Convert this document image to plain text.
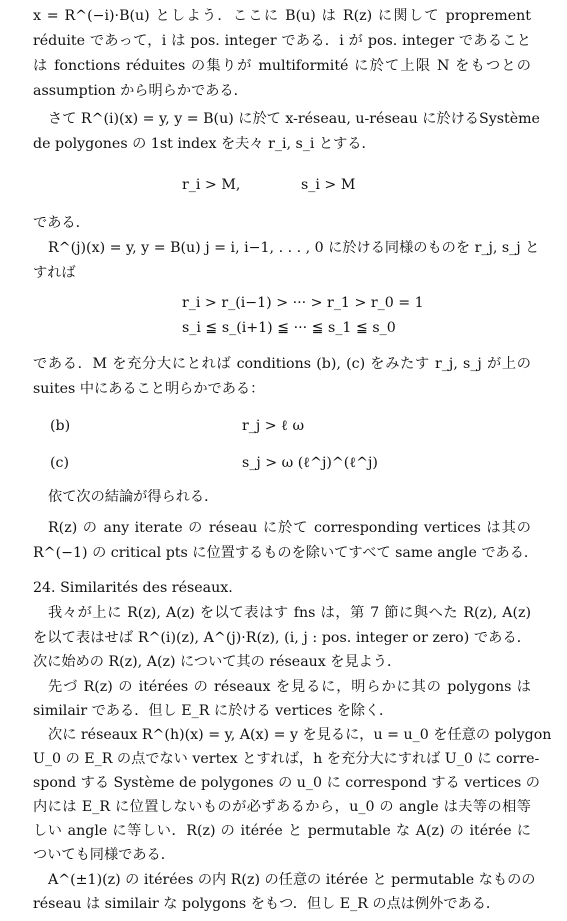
x = R^(−i)·B(u) としよう．ここに B(u) は R(z) に関して proprement
réduite であって，i は pos. integer である．i が pos. integer であること
は fonctions réduites の集りが multiformité に於て上限 N をもつとの
assumption から明らかである．
さて R^(i)(x) = y, y = B(u) に於て x-réseau, u-réseau に於けるSystème
de polygones の 1st index を夫々 r_i, s_i とする．
r_i > M,	s_i > M
である．
R^(j)(x) = y, y = B(u) j = i, i−1, . . . , 0 に於ける同様のものを r_j, s_j と
すれば
r_i > r_(i−1) > ··· > r_1 > r_0 = 1
s_i ≦ s_(i+1) ≦ ··· ≦ s_1 ≦ s_0
である．M を充分大にとれば conditions (b), (c) をみたす r_j, s_j が上の
suites 中にあること明らかである：
(b)	r_j > ℓ ω
(c)	s_j > ω (ℓ^j)^(ℓ^j)
依て次の結論が得られる．
R(z) の any iterate の réseau に於て corresponding vertices は其の
R^(−1) の critical pts に位置するものを除いてすべて same angle である．
24. Similarités des réseaux.
我々が上に R(z), A(z) を以て表はす fns は，第 7 節に與へた R(z), A(z)
を以て表はせば R^(i)(z), A^(j)·R(z), (i, j : pos. integer or zero) である．
次に始めの R(z), A(z) について其の réseaux を見よう．
先づ R(z) の itérées の réseaux を見るに，明らかに其の polygons は
similair である．但し E_R に於ける vertices を除く．
次に réseaux R^(h)(x) = y, A(x) = y を見るに，u = u_0 を任意の polygon
U_0 の E_R の点でない vertex とすれば，h を充分大にすれば U_0 に corre-
spond する Système de polygones の u_0 に correspond する vertices の
内には E_R に位置しないものが必ずあるから，u_0 の angle は夫等の相等
しい angle に等しい．R(z) の itérée と permutable な A(z) の itérée に
ついても同様である．
A^(±1)(z) の itérées の内 R(z) の任意の itérée と permutable なものの
réseau は similair な polygons をもつ．但し E_R の点は例外である．
